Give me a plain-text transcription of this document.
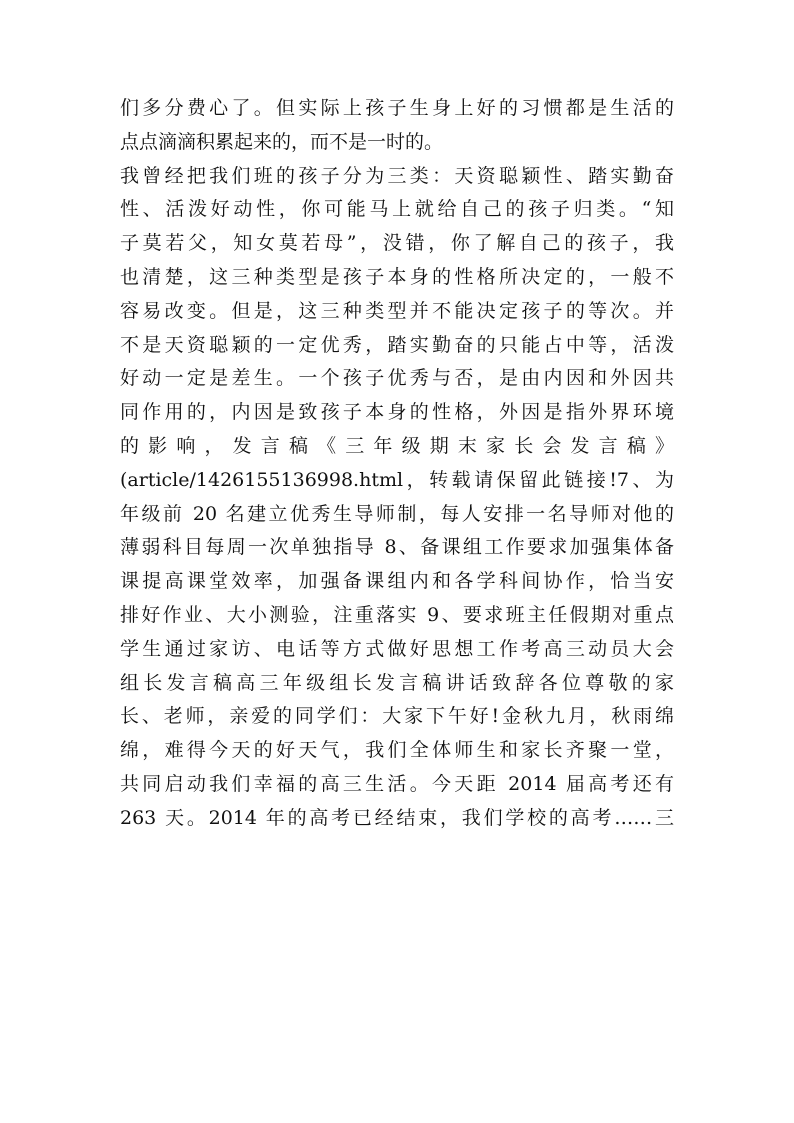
们多分费心了。但实际上孩子生身上好的习惯都是生活的
点点滴滴积累起来的，而不是一时的。
我曾经把我们班的孩子分为三类：天资聪颖性、踏实勤奋
性、活泼好动性，你可能马上就给自己的孩子归类。“知
子莫若父，知女莫若母”，没错，你了解自己的孩子，我
也清楚，这三种类型是孩子本身的性格所决定的，一般不
容易改变。但是，这三种类型并不能决定孩子的等次。并
不是天资聪颖的一定优秀，踏实勤奋的只能占中等，活泼
好动一定是差生。一个孩子优秀与否，是由内因和外因共
同作用的，内因是致孩子本身的性格，外因是指外界环境
的 影 响 ， 发 言 稿 《 三 年 级 期 末 家 长 会 发 言 稿 》
(article/1426155136998.html，转载请保留此链接!7、为
年级前 20 名建立优秀生导师制，每人安排一名导师对他的
薄弱科目每周一次单独指导 8、备课组工作要求加强集体备
课提高课堂效率，加强备课组内和各学科间协作，恰当安
排好作业、大小测验，注重落实 9、要求班主任假期对重点
学生通过家访、电话等方式做好思想工作考高三动员大会
组长发言稿高三年级组长发言稿讲话致辞各位尊敬的家
长、老师，亲爱的同学们：大家下午好!金秋九月，秋雨绵
绵，难得今天的好天气，我们全体师生和家长齐聚一堂，
共同启动我们幸福的高三生活。今天距 2014 届高考还有
263 天。2014 年的高考已经结束，我们学校的高考……三
